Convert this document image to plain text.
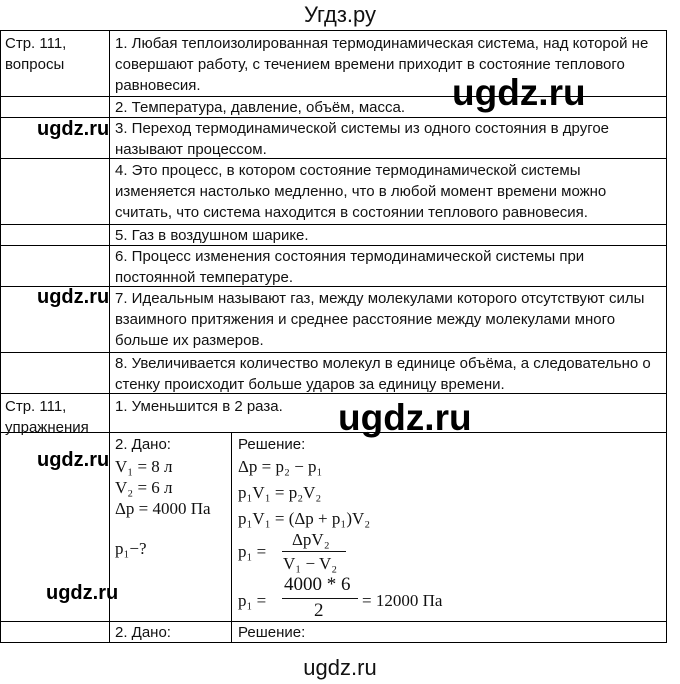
Угдз.ру
Стр. 111, вопросы
Стр. 111, упражнения
1. Любая теплоизолированная термодинамическая система, над которой не совершают работу, с течением времени приходит в состояние теплового равновесия.
2. Температура, давление, объём, масса.
3. Переход термодинамической системы из одного состояния в другое называют процессом.
4. Это процесс, в котором состояние термодинамической системы изменяется настолько медленно, что в любой момент времени можно считать, что система находится в состоянии теплового равновесия.
5. Газ в воздушном шарике.
6. Процесс изменения состояния термодинамической системы при постоянной температуре.
7. Идеальным называют газ, между молекулами которого отсутствуют силы взаимного притяжения и среднее расстояние между молекулами много больше их размеров.
8. Увеличивается количество молекул в единице объёма, а следовательно о стенку происходит больше ударов за единицу времени.
1. Уменьшится в 2 раза.
2. Дано:
V₁ = 8 л
V₂ = 6 л
Δp = 4000 Па
p₁−?
Решение:
Δp = p₂ − p₁
p₁V₁ = p₂V₂
p₁V₁ = (Δp + p₁)V₂
p₁ =
ΔpV₂
V₁ − V₂
p₁ =
4000 * 6
2 = 12000 Па
2. Дано:	Решение:
ugdz.ru
ugdz.ru
ugdz.ru
ugdz.ru
ugdz.ru
ugdz.ru
ugdz.ru
